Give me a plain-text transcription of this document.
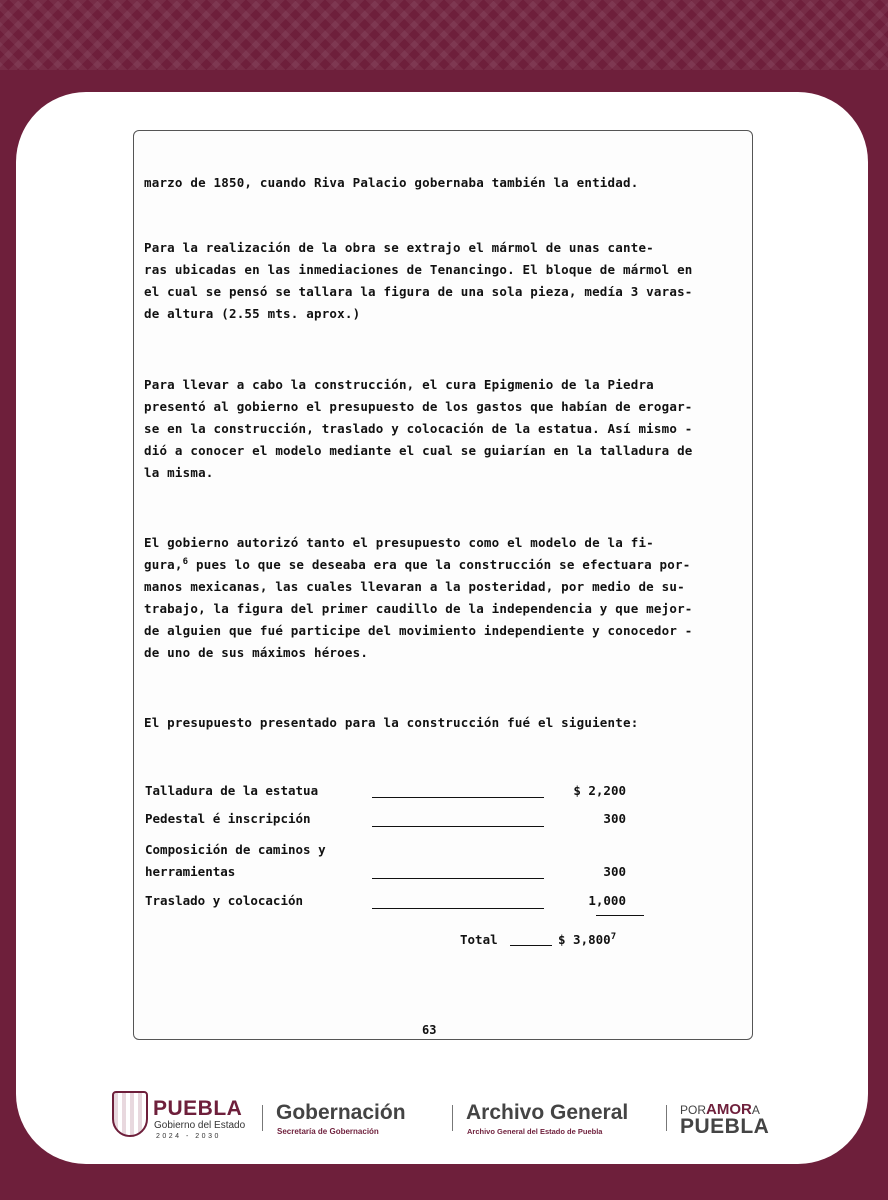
marzo de 1850, cuando Riva Palacio gobernaba también la entidad.
Para la realización de la obra se extrajo el mármol de unas cante-
ras ubicadas en las inmediaciones de Tenancingo. El bloque de mármol en
el cual se pensó se tallara la figura de una sola pieza, medía 3 varas-
de altura (2.55 mts. aprox.)
Para llevar a cabo la construcción, el cura Epigmenio de la Piedra
presentó al gobierno el presupuesto de los gastos que habían de erogar-
se en la construcción, traslado y colocación de la estatua. Así mismo -
dió a conocer el modelo mediante el cual se guiarían en la talladura de
la misma.
El gobierno autorizó tanto el presupuesto como el modelo de la fi-
gura,$^6$ pues lo que se deseaba era que la construcción se efectuara por-
manos mexicanas, las cuales llevaran a la posteridad, por medio de su-
trabajo, la figura del primer caudillo de la independencia y que mejor-
de alguien que fué participe del movimiento independiente y conocedor -
de uno de sus máximos héroes.
El presupuesto presentado para la construcción fué el siguiente:
Talladura de la estatua	$ 2,200
Pedestal é inscripción	300
Composición de caminos y
herramientas	300
Traslado y colocación	1,000
Total	$ 3,800$^7$
63
PUEBLA
Gobierno del Estado
2024 - 2030
Gobernación
Secretaría de Gobernación
Archivo General
Archivo General del Estado de Puebla
PORAMORA
PUEBLA
